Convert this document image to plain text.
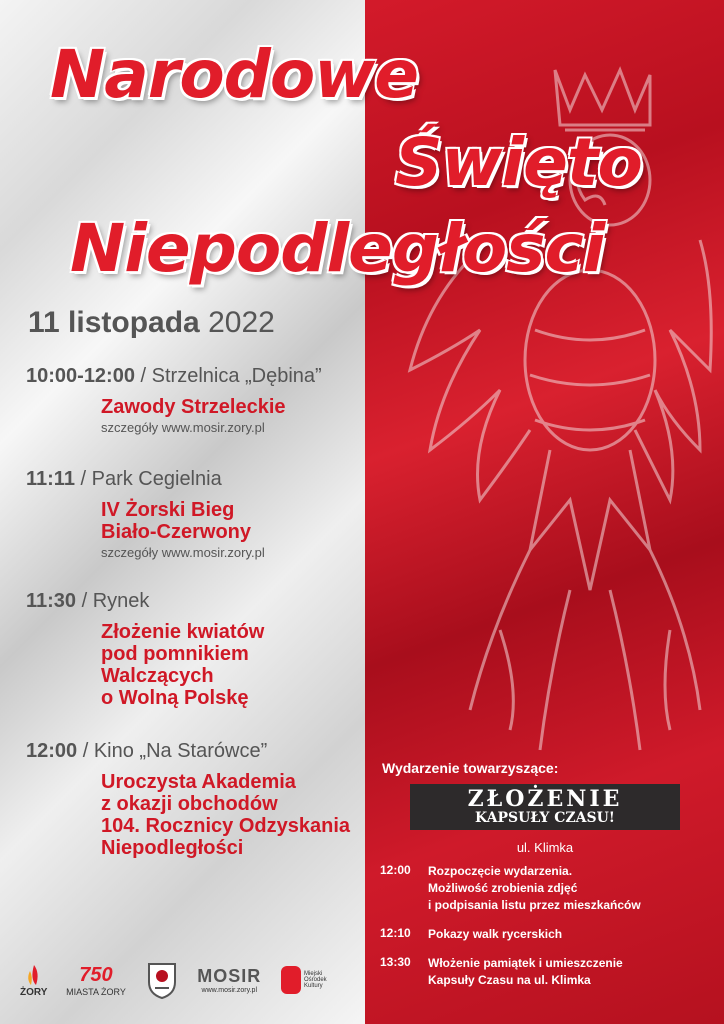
Narodowe
Święto
Niepodległości
11 listopada 2022
10:00-12:00 / Strzelnica „Dębina”
Zawody Strzeleckie
szczegóły www.mosir.zory.pl
11:11 / Park Cegielnia
IV Żorski Bieg
Biało-Czerwony
szczegóły www.mosir.zory.pl
11:30 / Rynek
Złożenie kwiatów
pod pomnikiem
Walczących
o Wolną Polskę
12:00 / Kino „Na Starówce”
Uroczysta Akademia
z okazji obchodów
104. Rocznicy Odzyskania
Niepodległości
Wydarzenie towarzyszące:
ZŁOŻENIE
KAPSUŁY CZASU!
ul. Klimka
12:00	Rozpoczęcie wydarzenia.
Możliwość zrobienia zdjęć
i podpisania listu przez mieszkańców
12:10	Pokazy walk rycerskich
13:30	Włożenie pamiątek i umieszczenie
Kapsuły Czasu na ul. Klimka
ŻORY
750
MIASTA ŻORY
MOSIR
www.mosir.zory.pl
Miejski Ośrodek Kultury
